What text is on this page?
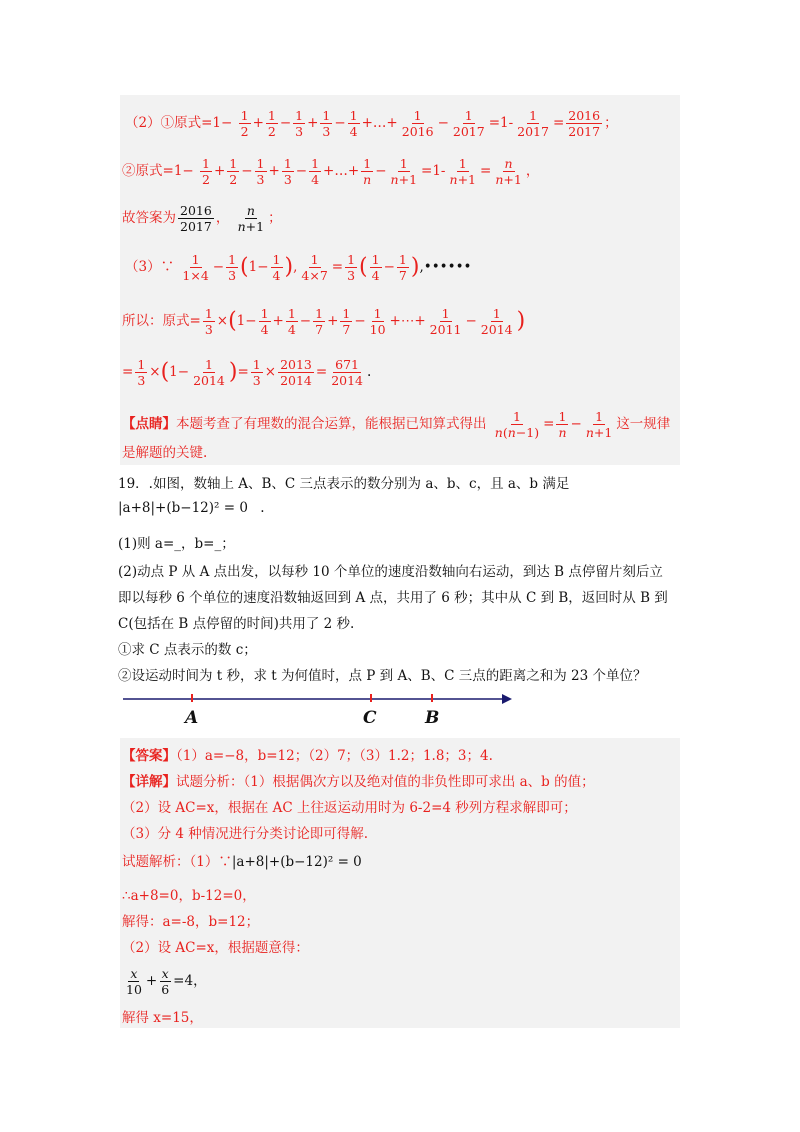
（2）①原式$=1- \frac{1}{2} + \frac{1}{2} - \frac{1}{3} + \frac{1}{3} - \frac{1}{4}$ +…+ $\frac{1}{2016} - \frac{1}{2017} =1- \frac{1}{2017} = \frac{2016}{2017}$ ；
②原式$=1- \frac{1}{2} + \frac{1}{2} - \frac{1}{3} + \frac{1}{3} - \frac{1}{4}$ +…+ $\frac{1}{n} - \frac{1}{n+1} =1- \frac{1}{n+1} = \frac{n}{n+1}$ ，
故答案为 $\frac{2016}{2017}$ ， $\frac{n}{n+1}$ ；
（3）∵ $\frac{1}{1\times 4} - \frac{1}{3} (1- \frac{1}{4}$ ), $\frac{1}{4\times 7} = \frac{1}{3}$ ( $\frac{1}{4} - \frac{1}{7}$ ),••••••
所以：原式= $\frac{1}{3} \times(1- \frac{1}{4} + \frac{1}{4} - \frac{1}{7} + \frac{1}{7} - \frac{1}{10}$ +⋯+ $\frac{1}{2011} - \frac{1}{2014}$ )
= $\frac{1}{3} \times(1- \frac{1}{2014}$ )= $\frac{1}{3} \times \frac{2013}{2014} = \frac{671}{2014}$ .
【点睛】本题考查了有理数的混合运算，能根据已知算式得出 $\frac{1}{n(n-1)} = \frac{1}{n} - \frac{1}{n+1}$ 这一规律
是解题的关键.
19．.如图，数轴上 A、B、C 三点表示的数分别为 a、b、c，且 a、b 满足
|a+8|+(b−12)² = 0 .
(1)则 a=_，b=_；
(2)动点 P 从 A 点出发，以每秒 10 个单位的速度沿数轴向右运动，到达 B 点停留片刻后立
即以每秒 6 个单位的速度沿数轴返回到 A 点，共用了 6 秒；其中从 C 到 B，返回时从 B 到
C(包括在 B 点停留的时间)共用了 2 秒.
①求 C 点表示的数 c；
②设运动时间为 t 秒，求 t 为何值时，点 P 到 A、B、C 三点的距离之和为 23 个单位？
A	C	B
【答案】（1）a=−8，b=12；（2）7；（3）1.2；1.8；3；4.
【详解】试题分析：（1）根据偶次方以及绝对值的非负性即可求出 a、b 的值；
（2）设 AC=x，根据在 AC 上往返运动用时为 6-2=4 秒列方程求解即可；
（3）分 4 种情况进行分类讨论即可得解.
试题解析：（1）∵|a+8|+(b−12)² = 0
∴a+8=0，b-12=0，
解得：a=-8，b=12；
（2）设 AC=x，根据题意得：
$\frac{x}{10} + \frac{x}{6} =4$，
解得 x=15，
